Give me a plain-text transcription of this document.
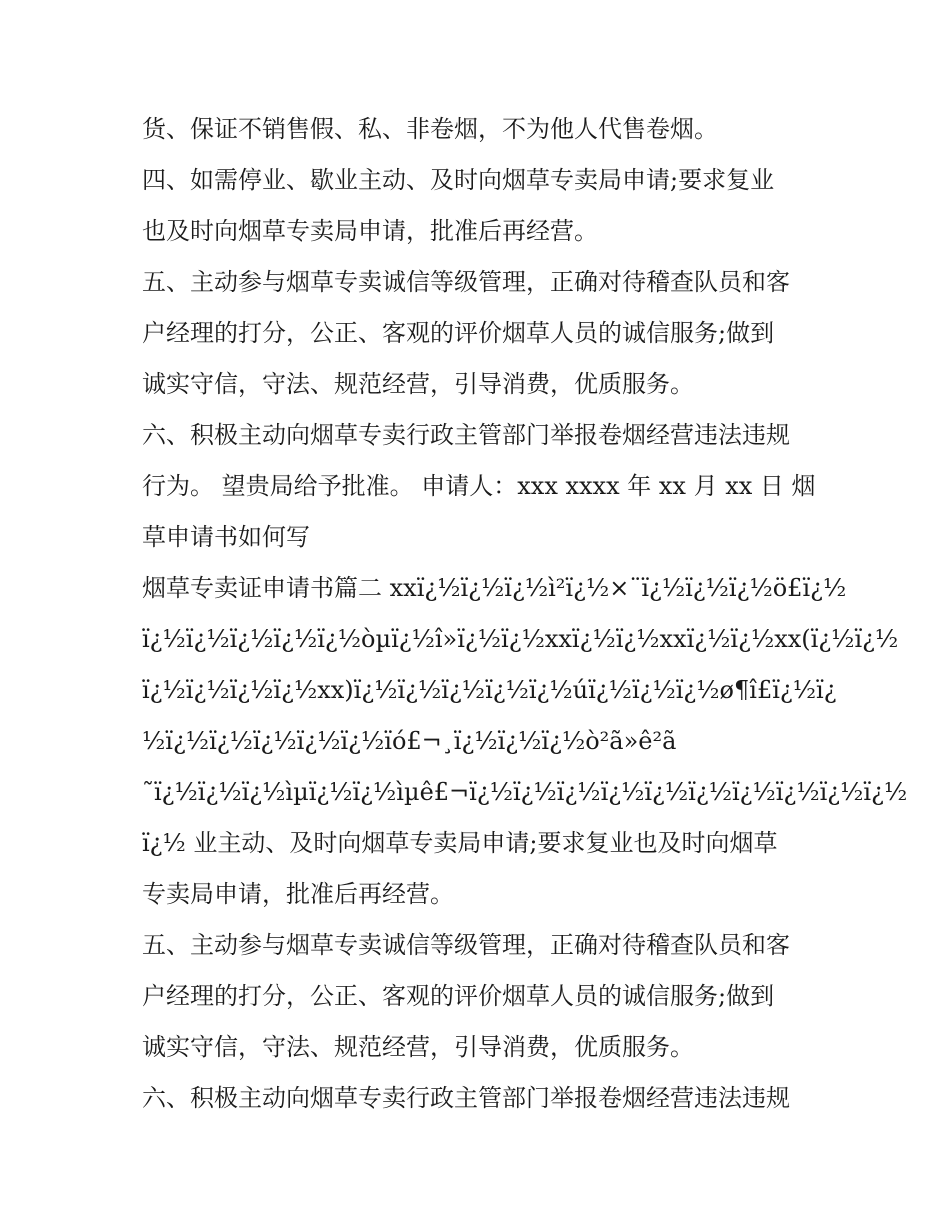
货、保证不销售假、私、非卷烟，不为他人代售卷烟。
四、如需停业、歇业主动、及时向烟草专卖局申请;要求复业
也及时向烟草专卖局申请，批准后再经营。
五、主动参与烟草专卖诚信等级管理，正确对待稽查队员和客
户经理的打分，公正、客观的评价烟草人员的诚信服务;做到
诚实守信，守法、规范经营，引导消费，优质服务。
六、积极主动向烟草专卖行政主管部门举报卷烟经营违法违规
行为。 望贵局给予批准。 申请人：xxx xxxx 年 xx 月 xx 日 烟
草申请书如何写
烟草专卖证申请书篇二 xxï¿½ï¿½ï¿½ì²ï¿½×¨ï¿½ï¿½ï¿½ö£ï¿½
ï¿½ï¿½ï¿½ï¿½ï¿½òµï¿½î»ï¿½ï¿½xxï¿½ï¿½xxï¿½ï¿½xx(ï¿½ï¿½
ï¿½ï¿½ï¿½ï¿½xx)ï¿½ï¿½ï¿½ï¿½ï¿½úï¿½ï¿½ï¿½ø¶î£ï¿½ï¿
½ï¿½ï¿½ï¿½ï¿½ï¿½ïó£¬¸ï¿½ï¿½ï¿½ò²ã»ê²ã
˜ï¿½ï¿½ï¿½ìµï¿½ï¿½ìµê£¬ï¿½ï¿½ï¿½ï¿½ï¿½ï¿½ï¿½ï¿½ï¿½ï¿½
ï¿½ 业主动、及时向烟草专卖局申请;要求复业也及时向烟草
专卖局申请，批准后再经营。
五、主动参与烟草专卖诚信等级管理，正确对待稽查队员和客
户经理的打分，公正、客观的评价烟草人员的诚信服务;做到
诚实守信，守法、规范经营，引导消费，优质服务。
六、积极主动向烟草专卖行政主管部门举报卷烟经营违法违规
